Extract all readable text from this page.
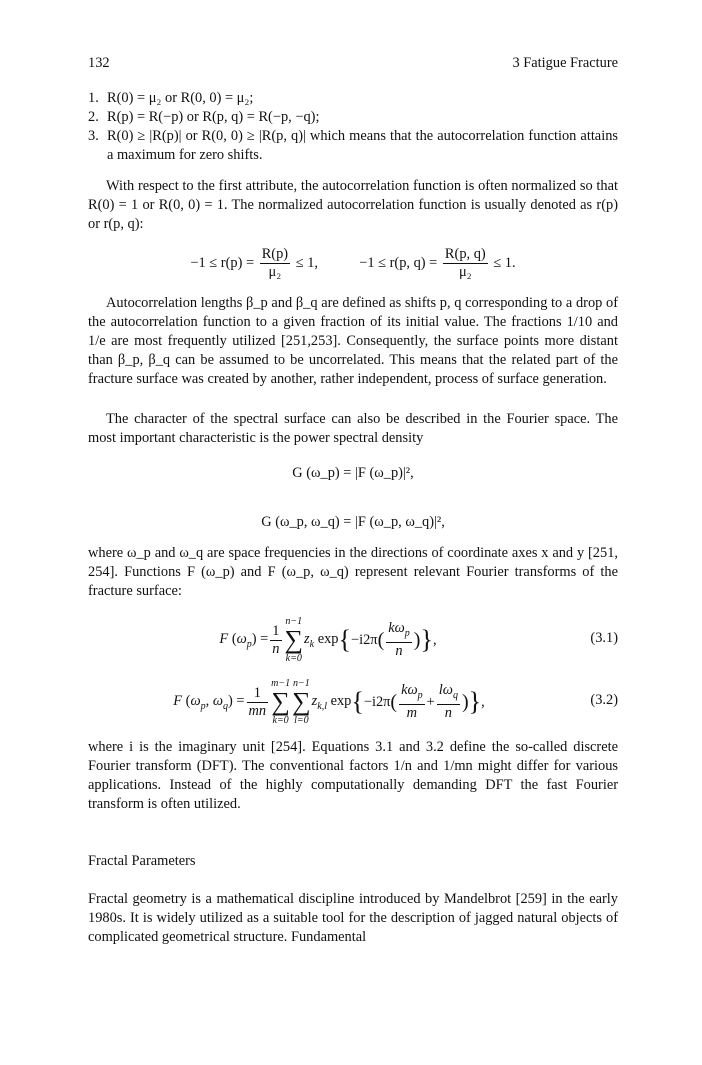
132	3 Fatigue Fracture
1. R(0) = μ₂ or R(0, 0) = μ₂;
2. R(p) = R(−p) or R(p, q) = R(−p, −q);
3. R(0) ≥ |R(p)| or R(0, 0) ≥ |R(p, q)| which means that the autocorrelation function attains a maximum for zero shifts.

With respect to the first attribute, the autocorrelation function is often normalized so that R(0) = 1 or R(0, 0) = 1. The normalized autocorrelation function is usually denoted as r(p) or r(p, q):

$-1 \le r(p) = \frac{R(p)}{\text{μ₂}} \le 1$,	−1 ≤ r(p, $q) = \frac{R(p, q)}{\text{μ₂}} \le 1$.

Autocorrelation lengths β_p and β_q are defined as shifts p, q corresponding to a drop of the autocorrelation function to a given fraction of its initial value. The fractions 1/10 and 1/e are most frequently utilized [251,253]. Consequently, the surface points more distant than β_p, β_q can be assumed to be uncorrelated. This means that the related part of the fracture surface was created by another, rather independent, process of surface generation.

The character of the spectral surface can also be described in the Fourier space. The most important characteristic is the power spectral density

G (ω_p) = |F (ω_p)|²,
G (ω_p, ω_q) = |F (ω_p, ω_q)|²,

where ω_p and ω_q are space frequencies in the directions of coordinate axes x and y [251, 254]. Functions F (ω_p) and F (ω_p, ω_q) represent relevant Fourier transforms of the fracture surface:

F $(\omega_p) = \frac{1}{n}$
n−1
∑
k=0
$z_k$ exp { −i2π ( $\frac{k\omega_p}{n}$ ) } ,	(3.1)
F ($\omega_p$, $\omega_q) = \frac{1}{mn}$
m−1
∑
k=0
n−1
∑
l=0
$z_{k,l}$ exp { −i2π ( $\frac{k\omega_p}{m} + \frac{l\omega_q}{n}$ ) } ,	(3.2)

where i is the imaginary unit [254]. Equations 3.1 and 3.2 define the so-called discrete Fourier transform (DFT). The conventional factors 1/n and 1/mn might differ for various applications. Instead of the highly computationally demanding DFT the fast Fourier transform is often utilized.

Fractal Parameters

Fractal geometry is a mathematical discipline introduced by Mandelbrot [259] in the early 1980s. It is widely utilized as a suitable tool for the description of jagged natural objects of complicated geometrical structure. Fundamental
